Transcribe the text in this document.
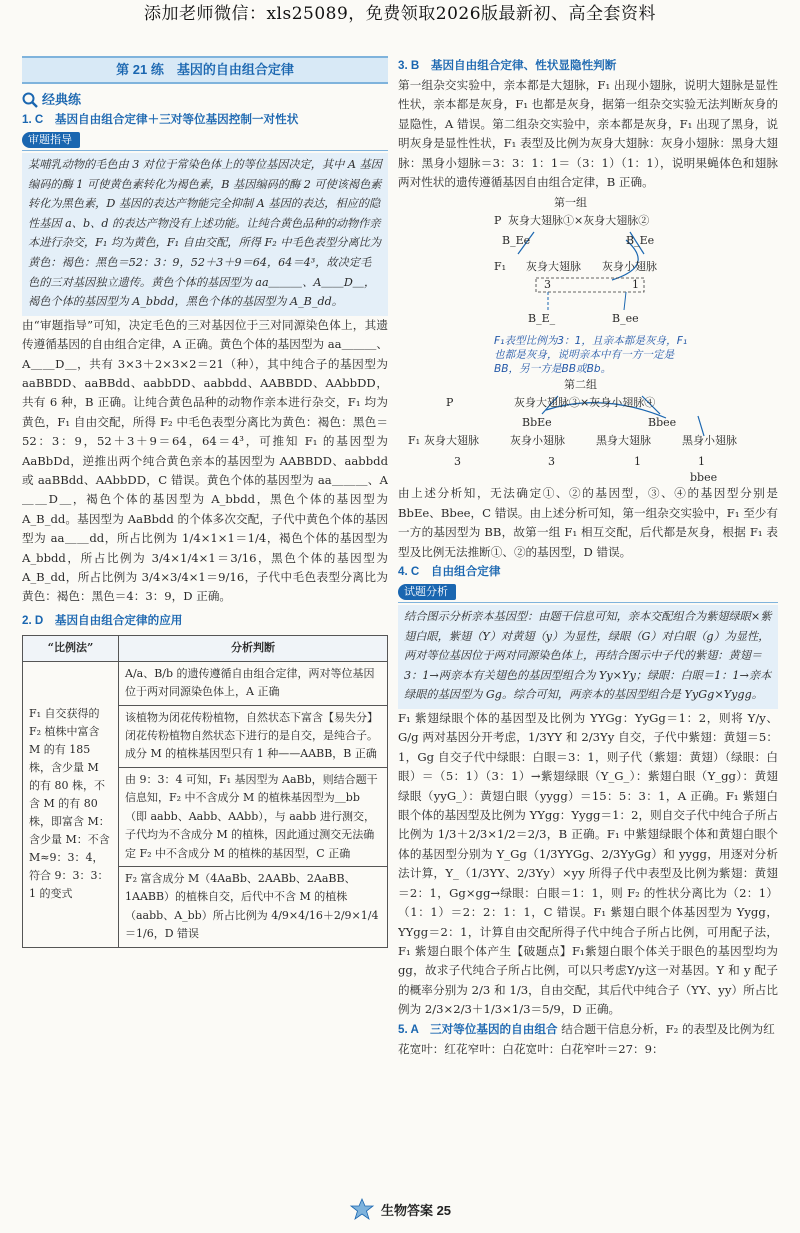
添加老师微信：xls25089，免费领取2026版最新初、高全套资料
第 21 练　基因的自由组合定律
经典练
1. C　基因自由组合定律＋三对等位基因控制一对性状
审题指导
某哺乳动物的毛色由 3 对位于常染色体上的等位基因决定，其中 A 基因编码的酶 1 可使黄色素转化为褐色素，B 基因编码的酶 2 可使该褐色素转化为黑色素，D 基因的表达产物能完全抑制 A 基因的表达，相应的隐性基因 a、b、d 的表达产物没有上述功能。让纯合黄色品种的动物作亲本进行杂交，F₁ 均为黄色，F₁ 自由交配，所得 F₂ 中毛色表型分离比为黄色：褐色：黑色＝52：3：9，52＋3＋9＝64，64＝4³，故决定毛色的三对基因独立遗传。黄色个体的基因型为 aa＿＿＿、A＿＿D＿，褐色个体的基因型为 A_bbdd，黑色个体的基因型为 A_B_dd。

由“审题指导”可知，决定毛色的三对基因位于三对同源染色体上，其遗传遵循基因的自由组合定律，A 正确。黄色个体的基因型为 aa＿＿＿、A＿＿D＿，共有 3×3＋2×3×2＝21（种），其中纯合子的基因型为 aaBBDD、aaBBdd、aabbDD、aabbdd、AABBDD、AAbbDD，共有 6 种，B 正确。让纯合黄色品种的动物作亲本进行杂交，F₁ 均为黄色，F₁ 自由交配，所得 F₂ 中毛色表型分离比为黄色：褐色：黑色＝52：3：9，52＋3＋9＝64，64＝4³，可推知 F₁ 的基因型为 AaBbDd，逆推出两个纯合黄色亲本的基因型为 AABBDD、aabbdd 或 aaBBdd、AAbbDD，C 错误。黄色个体的基因型为 aa＿＿＿、A＿＿D＿，褐色个体的基因型为 A_bbdd，黑色个体的基因型为 A_B_dd。基因型为 AaBbdd 的个体多次交配，子代中黄色个体的基因型为 aa＿＿dd，所占比例为 1/4×1×1＝1/4，褐色个体的基因型为 A_bbdd，所占比例为 3/4×1/4×1＝3/16，黑色个体的基因型为 A_B_dd，所占比例为 3/4×3/4×1＝9/16，子代中毛色表型分离比为黄色：褐色：黑色＝4：3：9，D 正确。

2. D　基因自由组合定律的应用
“比例法”	分析判断
F₁ 自交获得的 F₂ 植株中富含 M 的有 185 株，含少量 M 的有 80 株，不含 M 的有 80 株，即富含 M：含少量 M：不含M≈9：3：4，符合 9：3：3：1 的变式	A/a、B/b 的遗传遵循自由组合定律，两对等位基因位于两对同源染色体上，A 正确
	该植物为闭花传粉植物，自然状态下富含【易失分】闭花传粉植物自然状态下进行的是自交，是纯合子。成分 M 的植株基因型只有 1 种——AABB，B 正确
	由 9：3：4 可知，F₁ 基因型为 AaBb，则结合题干信息知，F₂ 中不含成分 M 的植株基因型为＿bb（即 aabb、Aabb、AAbb），与 aabb 进行测交，子代均为不含成分 M 的植株，因此通过测交无法确定 F₂ 中不含成分 M 的植株的基因型，C 正确
	F₂ 富含成分 M（4AaBb、2AABb、2AaBB、1AABB）的植株自交，后代中不含 M 的植株（aabb、A_bb）所占比例为 4/9×4/16＋2/9×1/4＝1/6，D 错误
3. B　基因自由组合定律、性状显隐性判断

第一组杂交实验中，亲本都是大翅脉，F₁ 出现小翅脉，说明大翅脉是显性性状，亲本都是灰身，F₁ 也都是灰身，据第一组杂交实验无法判断灰身的显隐性，A 错误。第二组杂交实验中，亲本都是灰身，F₁ 出现了黑身，说明灰身是显性性状，F₁ 表型及比例为灰身大翅脉：灰身小翅脉：黑身大翅脉：黑身小翅脉＝3：3：1：1＝（3：1）（1：1），说明果蝇体色和翅脉两对性状的遗传遵循基因自由组合定律，B 正确。

第一组
P 灰身大翅脉①×灰身大翅脉②
B_Ee	B_Ee
F₁ 灰身大翅脉 灰身小翅脉
3	1
B_E_	B_ee
F₁表型比例为3：1，且亲本都是灰身，F₁也都是灰身，说明亲本中有一方一定是BB，另一方是BB或Bb。
第二组
P	灰身大翅脉③×灰身小翅脉④
BbEe	Bbee
F₁ 灰身大翅脉	灰身小翅脉	黑身大翅脉	黑身小翅脉
3	3	1	1
bbee

由上述分析知，无法确定①、②的基因型，③、④的基因型分别是 BbEe、Bbee，C 错误。由上述分析可知，第一组杂交实验中，F₁ 至少有一方的基因型为 BB，故第一组 F₁ 相互交配，后代都是灰身，根据 F₁ 表型及比例无法推断①、②的基因型，D 错误。

4. C　自由组合定律
试题分析
结合图示分析亲本基因型：由题干信息可知，亲本交配组合为紫翅绿眼×紫翅白眼，紫翅（Y）对黄翅（y）为显性，绿眼（G）对白眼（g）为显性，两对等位基因位于两对同源染色体上，再结合图示中子代的紫翅：黄翅＝3：1→两亲本有关翅色的基因型组合为 Yy×Yy；绿眼：白眼＝1：1→亲本绿眼的基因型为 Gg。综合可知，两亲本的基因型组合是 YyGg×Yygg。

F₁ 紫翅绿眼个体的基因型及比例为 YYGg：YyGg＝1：2，则将 Y/y、G/g 两对基因分开考虑，1/3YY 和 2/3Yy 自交，子代中紫翅：黄翅＝5：1，Gg 自交子代中绿眼：白眼＝3：1，则子代（紫翅：黄翅）（绿眼：白眼）＝（5：1）（3：1）→紫翅绿眼（Y_G_）：紫翅白眼（Y_gg）：黄翅绿眼（yyG_）：黄翅白眼（yygg）＝15：5：3：1，A 正确。F₁ 紫翅白眼个体的基因型及比例为 YYgg：Yygg＝1：2，则自交子代中纯合子所占比例为 1/3＋2/3×1/2＝2/3，B 正确。F₁ 中紫翅绿眼个体和黄翅白眼个体的基因型分别为 Y_Gg（1/3YYGg、2/3YyGg）和 yygg，用逐对分析法计算，Y_（1/3YY、2/3Yy）×yy 所得子代中表型及比例为紫翅：黄翅＝2：1，Gg×gg→绿眼：白眼＝1：1，则 F₂ 的性状分离比为（2：1）（1：1）＝2：2：1：1，C 错误。F₁ 紫翅白眼个体基因型为 Yygg，YYgg＝2：1，计算自由交配所得子代中纯合子所占比例，可用配子法，F₁ 紫翅白眼个体产生【破题点】F₁紫翅白眼个体关于眼色的基因型均为gg，故求子代纯合子所占比例，可以只考虑Y/y这一对基因。Y 和 y 配子的概率分别为 2/3 和 1/3，自由交配，其后代中纯合子（YY、yy）所占比例为 2/3×2/3＋1/3×1/3＝5/9，D 正确。

5. A　三对等位基因的自由组合 结合题干信息分析，F₂ 的表型及比例为红花宽叶：红花窄叶：白花宽叶：白花窄叶＝27：9：
生物答案 25
